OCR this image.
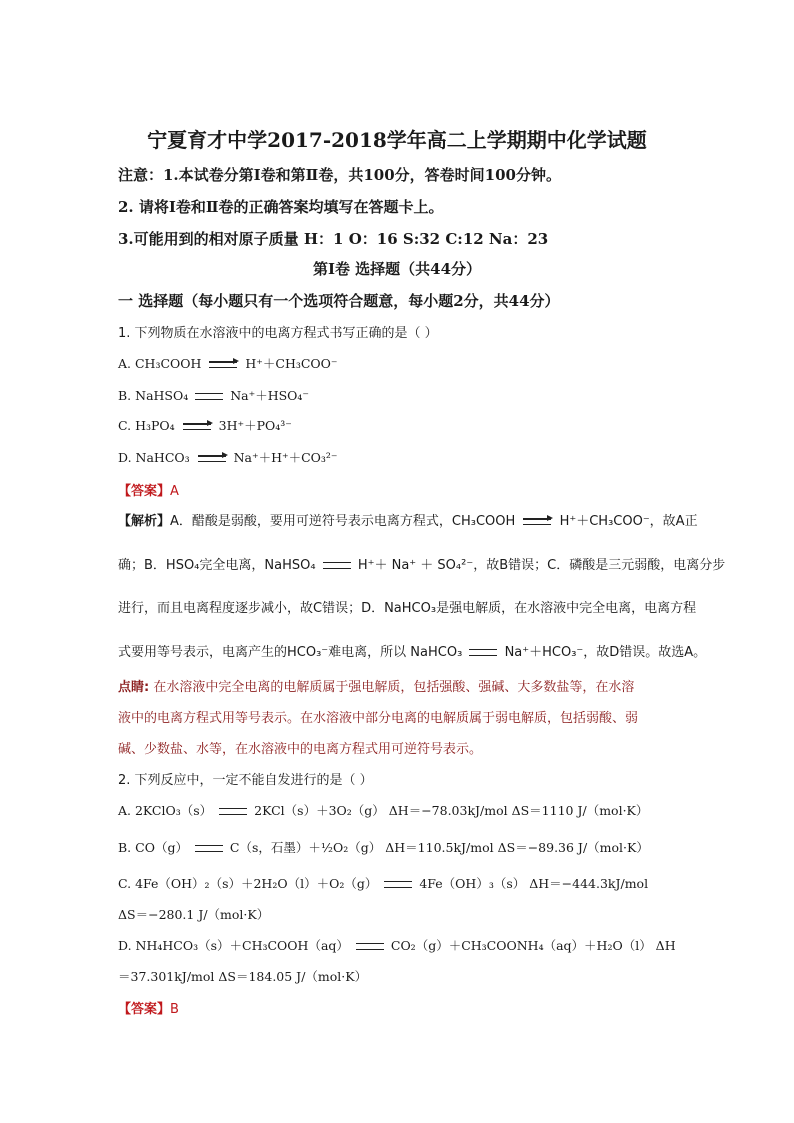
宁夏育才中学2017-2018学年高二上学期期中化学试题
注意：1.本试卷分第Ⅰ卷和第Ⅱ卷，共100分，答卷时间100分钟。
2. 请将Ⅰ卷和Ⅱ卷的正确答案均填写在答题卡上。
3.可能用到的相对原子质量 H：1 O：16 S:32 C:12 Na：23
第Ⅰ卷 选择题（共44分）
一 选择题（每小题只有一个选项符合题意，每小题2分，共44分）
1. 下列物质在水溶液中的电离方程式书写正确的是（ ）
A. CH₃COOH	H⁺＋CH₃COO⁻
B. NaHSO₄	Na⁺＋HSO₄⁻
C. H₃PO₄	3H⁺＋PO₄³⁻
D. NaHCO₃	Na⁺＋H⁺＋CO₃²⁻
【答案】A
【解析】A．醋酸是弱酸，要用可逆符号表示电离方程式，CH₃COOH	H⁺＋CH₃COO⁻，故A正
确；B．HSO₄完全电离，NaHSO₄	H⁺＋ Na⁺ ＋ SO₄²⁻，故B错误；C．磷酸是三元弱酸，电离分步
进行，而且电离程度逐步减小，故C错误；D．NaHCO₃是强电解质，在水溶液中完全电离，电离方程
式要用等号表示，电离产生的HCO₃⁻难电离，所以 NaHCO₃	Na⁺＋HCO₃⁻，故D错误。故选A。
点睛: 在水溶液中完全电离的电解质属于强电解质，包括强酸、强碱、大多数盐等，在水溶
液中的电离方程式用等号表示。在水溶液中部分电离的电解质属于弱电解质，包括弱酸、弱
碱、少数盐、水等，在水溶液中的电离方程式用可逆符号表示。
2. 下列反应中，一定不能自发进行的是（ ）
A. 2KClO₃（s）	2KCl（s）＋3O₂（g） ΔH＝−78.03kJ/mol ΔS＝1110 J/（mol·K）
B. CO（g）	C（s，石墨）＋½O₂（g） ΔH＝110.5kJ/mol ΔS＝−89.36 J/（mol·K）
C. 4Fe（OH）₂（s）＋2H₂O（l）＋O₂（g）	4Fe（OH）₃（s） ΔH＝−444.3kJ/mol
ΔS＝−280.1 J/（mol·K）
D. NH₄HCO₃（s）＋CH₃COOH（aq）	CO₂（g）＋CH₃COONH₄（aq）＋H₂O（l） ΔH
＝37.301kJ/mol ΔS＝184.05 J/（mol·K）
【答案】B
